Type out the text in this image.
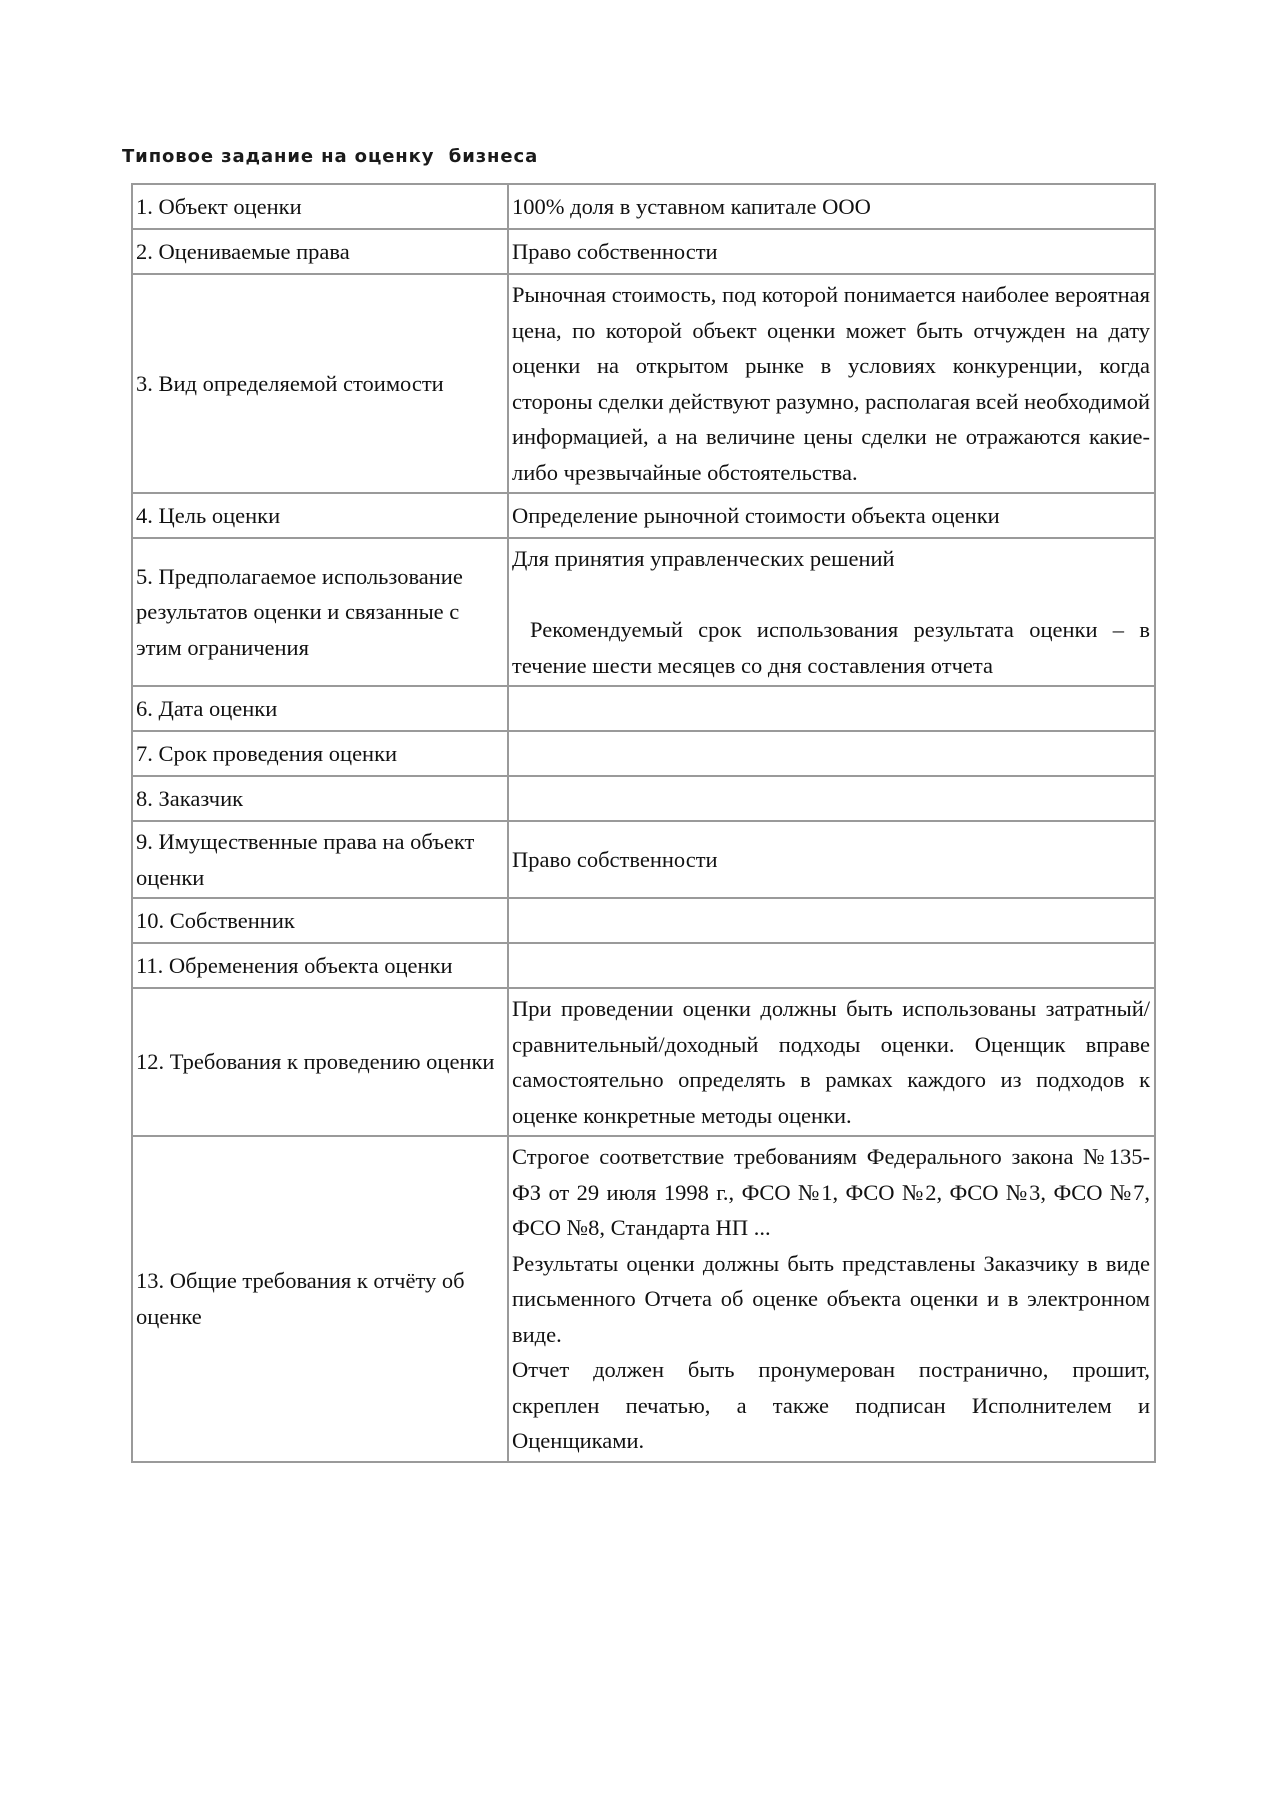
Типовое задание на оценку  бизнеса
1. Объект оценки	100% доля в уставном капитале ООО

2. Оцениваемые права	Право собственности

3. Вид определяемой стоимости	Рыночная стоимость, под которой понимается наиболее вероятная цена, по которой объект оценки может быть отчужден на дату оценки на открытом рынке в условиях конкуренции, когда стороны сделки действуют разумно, располагая всей необходимой информацией, а на величине цены сделки не отражаются какие-либо чрезвычайные обстоятельства.

4. Цель оценки	Определение рыночной стоимости объекта оценки

5. Предполагаемое использование результатов оценки и связанные с этим ограничения	Для принятия управленческих решений

Рекомендуемый срок использования результата оценки – в течение шести месяцев со дня составления отчета

6. Дата оценки	
7. Срок проведения оценки	
8. Заказчик	
9. Имущественные права на объект оценки	Право собственности

10. Собственник	
11. Обременения объекта оценки	
12. Требования к проведению оценки	При проведении оценки должны быть использованы затратный/сравнительный/доходный подходы оценки. Оценщик вправе самостоятельно определять в рамках каждого из подходов к оценке конкретные методы оценки.

13. Общие требования к отчёту об оценке	Строгое соответствие требованиям Федерального закона №135-ФЗ от 29 июля 1998 г., ФСО №1, ФСО №2, ФСО №3, ФСО №7, ФСО №8, Стандарта НП ...

Результаты оценки должны быть представлены Заказчику в виде письменного Отчета об оценке объекта оценки и в электронном виде.

Отчет должен быть пронумерован постранично, прошит, скреплен печатью, а также подписан Исполнителем и Оценщиками.
